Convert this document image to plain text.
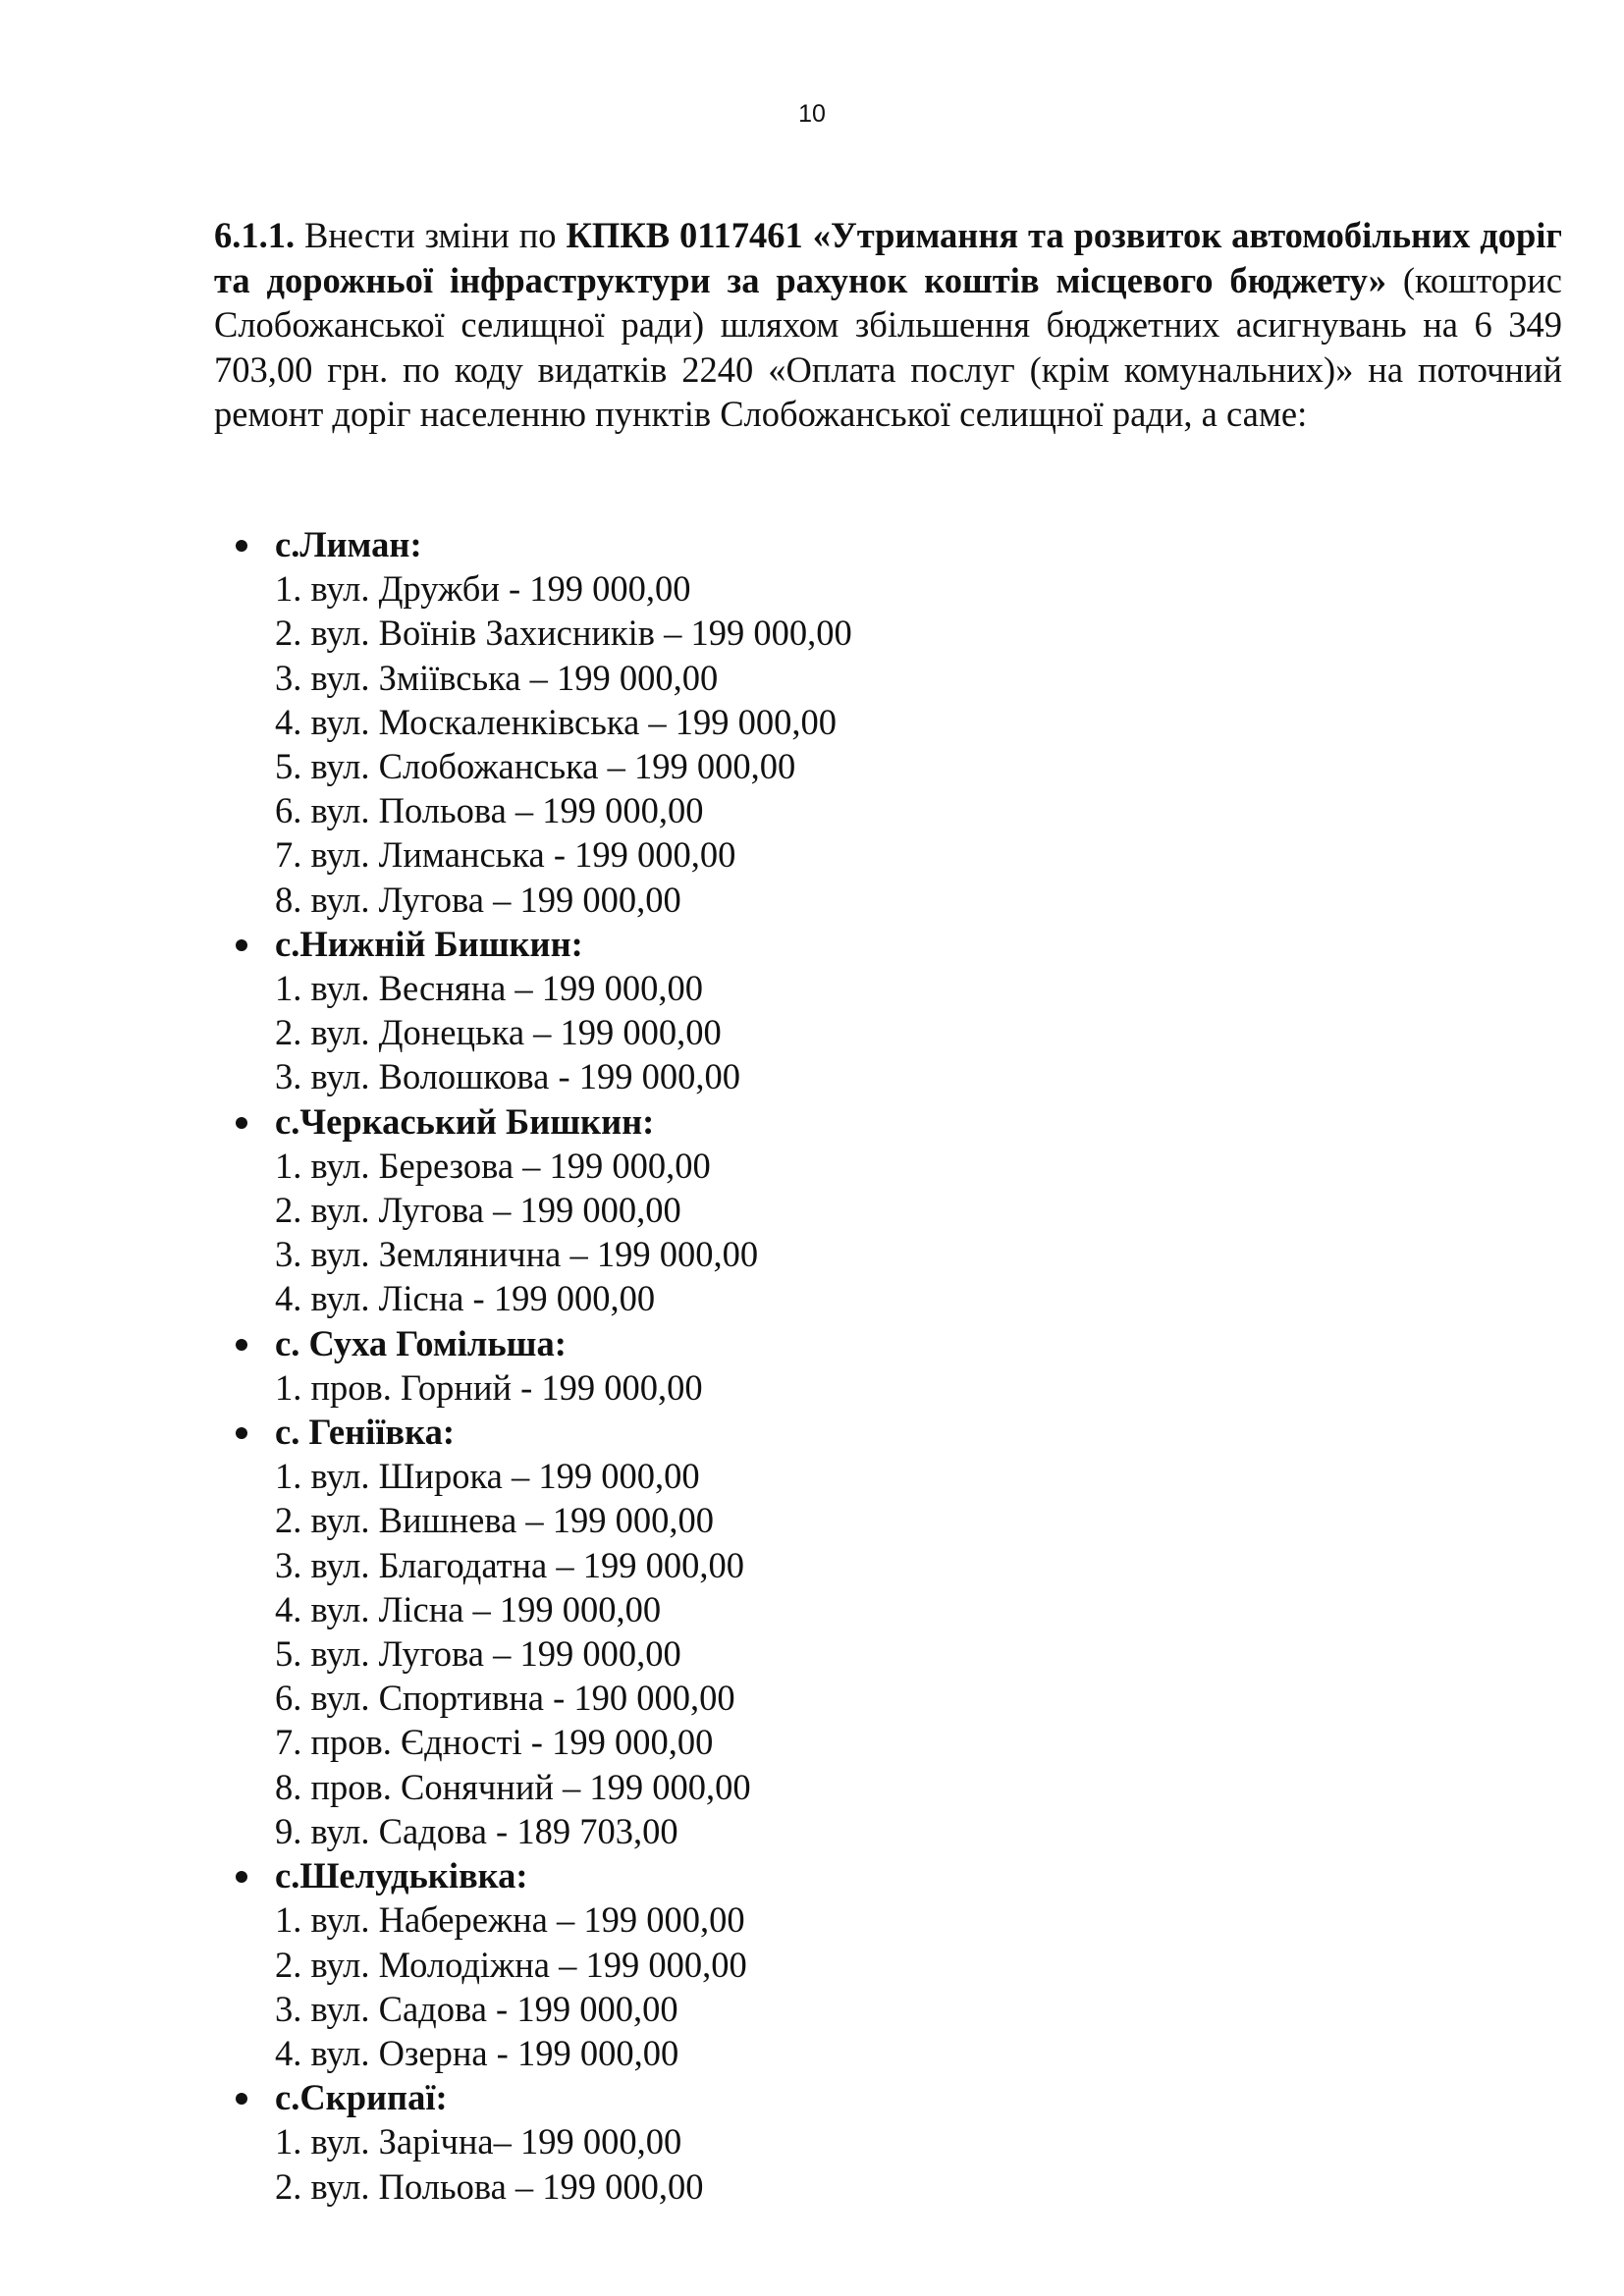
10

6.1.1. Внести зміни по КПКВ 0117461 «Утримання та розвиток автомобільних доріг та дорожньої інфраструктури за рахунок коштів місцевого бюджету» (кошторис Слобожанської селищної ради) шляхом збільшення бюджетних асигнувань на 6 349 703,00 грн. по коду видатків 2240 «Оплата послуг (крім комунальних)» на поточний ремонт доріг населенню пунктів Слобожанської селищної ради, а саме:

с.Лиман:
1. вул. Дружби - 199 000,00
2. вул. Воїнів Захисників – 199 000,00
3. вул. Зміївська – 199 000,00
4. вул. Москаленківська – 199 000,00
5. вул. Слобожанська – 199 000,00
6. вул. Польова – 199 000,00
7. вул. Лиманська - 199 000,00
8. вул. Лугова – 199 000,00
с.Нижній Бишкин:
1. вул. Весняна – 199 000,00
2. вул. Донецька – 199 000,00
3. вул. Волошкова - 199 000,00
с.Черкаський Бишкин:
1. вул. Березова – 199 000,00
2. вул. Лугова – 199 000,00
3. вул. Землянична – 199 000,00
4. вул. Лісна - 199 000,00
с. Суха Гомільша:
1. пров. Горний - 199 000,00
с. Геніївка:
1. вул. Широка – 199 000,00
2. вул. Вишнева – 199 000,00
3. вул. Благодатна – 199 000,00
4. вул. Лісна – 199 000,00
5. вул. Лугова – 199 000,00
6. вул. Спортивна - 190 000,00
7. пров. Єдності - 199 000,00
8. пров. Сонячний – 199 000,00
9. вул. Садова - 189 703,00
с.Шелудьківка:
1. вул. Набережна – 199 000,00
2. вул. Молодіжна – 199 000,00
3. вул. Садова - 199 000,00
4. вул. Озерна - 199 000,00
с.Скрипаї:
1. вул. Зарічна– 199 000,00
2. вул. Польова – 199 000,00
